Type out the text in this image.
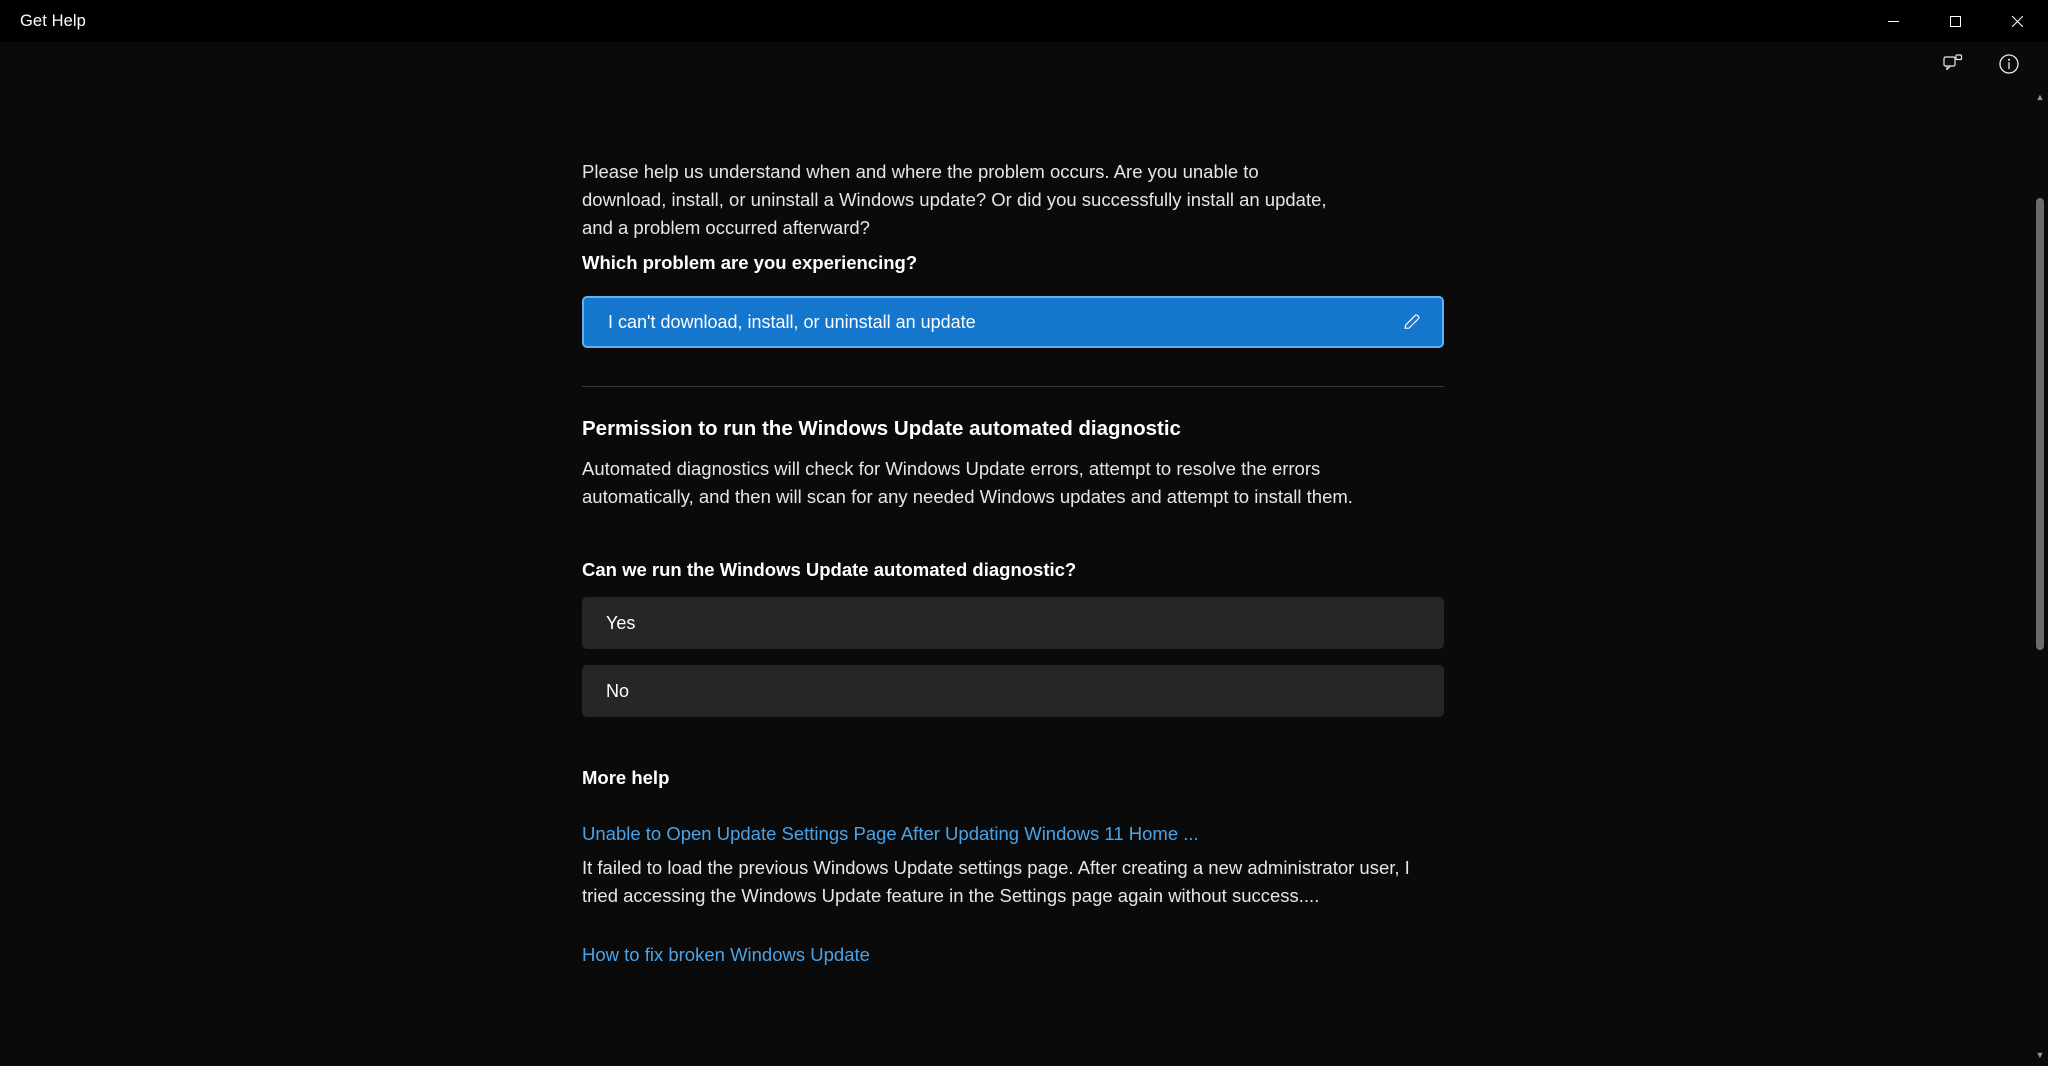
Get Help

Please help us understand when and where the problem occurs. Are you unable to download, install, or uninstall a Windows update? Or did you successfully install an update, and a problem occurred afterward?

Which problem are you experiencing?

I can't download, install, or uninstall an update
Permission to run the Windows Update automated diagnostic
Automated diagnostics will check for Windows Update errors, attempt to resolve the errors automatically, and then will scan for any needed Windows updates and attempt to install them.
Can we run the Windows Update automated diagnostic?
Yes
No
More help
Unable to Open Update Settings Page After Updating Windows 11 Home ...
It failed to load the previous Windows Update settings page. After creating a new administrator user, I tried accessing the Windows Update feature in the Settings page again without success....
How to fix broken Windows Update
▲
▼
